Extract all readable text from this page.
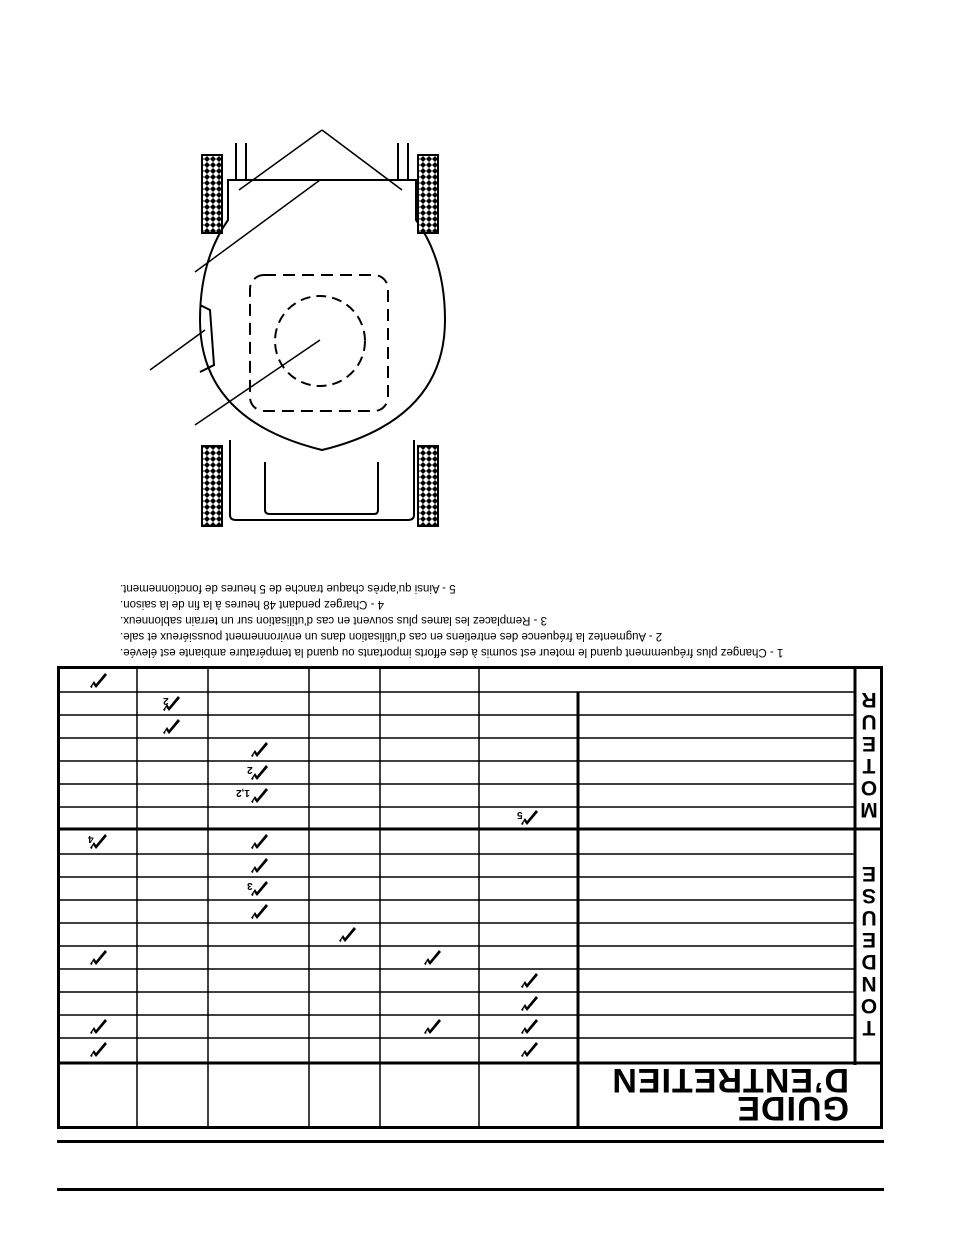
1 - Changez plus fréquemment quand le moteur est soumis à des efforts importants ou quand la température ambiante est élevée.
2 - Augmentez la fréquence des entretiens en cas d’utilisation dans un environnement poussiéreux et sale.
3 - Remplacez les lames plus souvent en cas d’utilisation sur un terrain sablonneux.
4 - Chargez pendant 48 heures à la fin de la saison.
5 - Ainsi qu’après chaque tranche de 5 heures de fonctionnement.
M
O
T
E
U
R
T
O
N
D
E
U
S
E
GUIDE
D’ENTRETIEN
2
2
1,2
5
4
3
